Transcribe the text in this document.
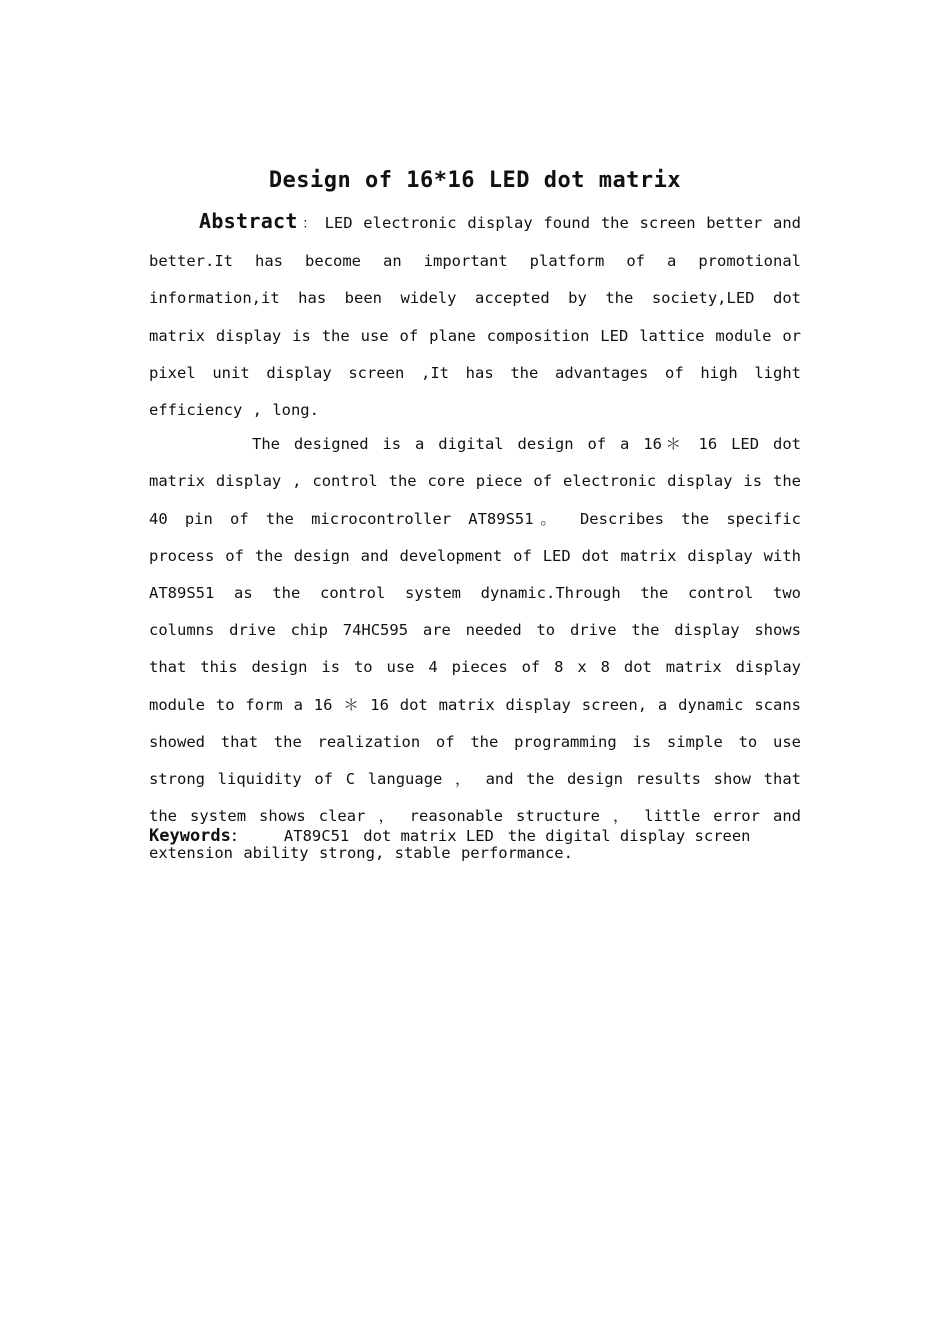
Design of 16*16 LED dot matrix

Abstract ： LED electronic display found the screen better and better.It has become an important platform of a promotional information,it has been widely accepted by the society,LED dot matrix display is the use of plane composition LED lattice module or pixel unit display screen ,It has the advantages of high light efficiency , long.

The designed is a digital design of a 16＊ 16 LED dot matrix display , control the core piece of electronic display is the 40 pin of the microcontroller AT89S51。 Describes the specific process of the design and development of LED dot matrix display with AT89S51 as the control system dynamic.Through the control two columns drive chip 74HC595 are needed to drive the display shows that this design is to use 4 pieces of 8 x 8 dot matrix display module to form a 16 ＊ 16 dot matrix display screen, a dynamic scans showed that the realization of the programming is simple to use strong liquidity of C language ， and the design results show that the system shows clear ， reasonable structure ， little error and extension ability strong, stable performance.

Keywords： AT89C51 dot matrix LED the digital display screen
